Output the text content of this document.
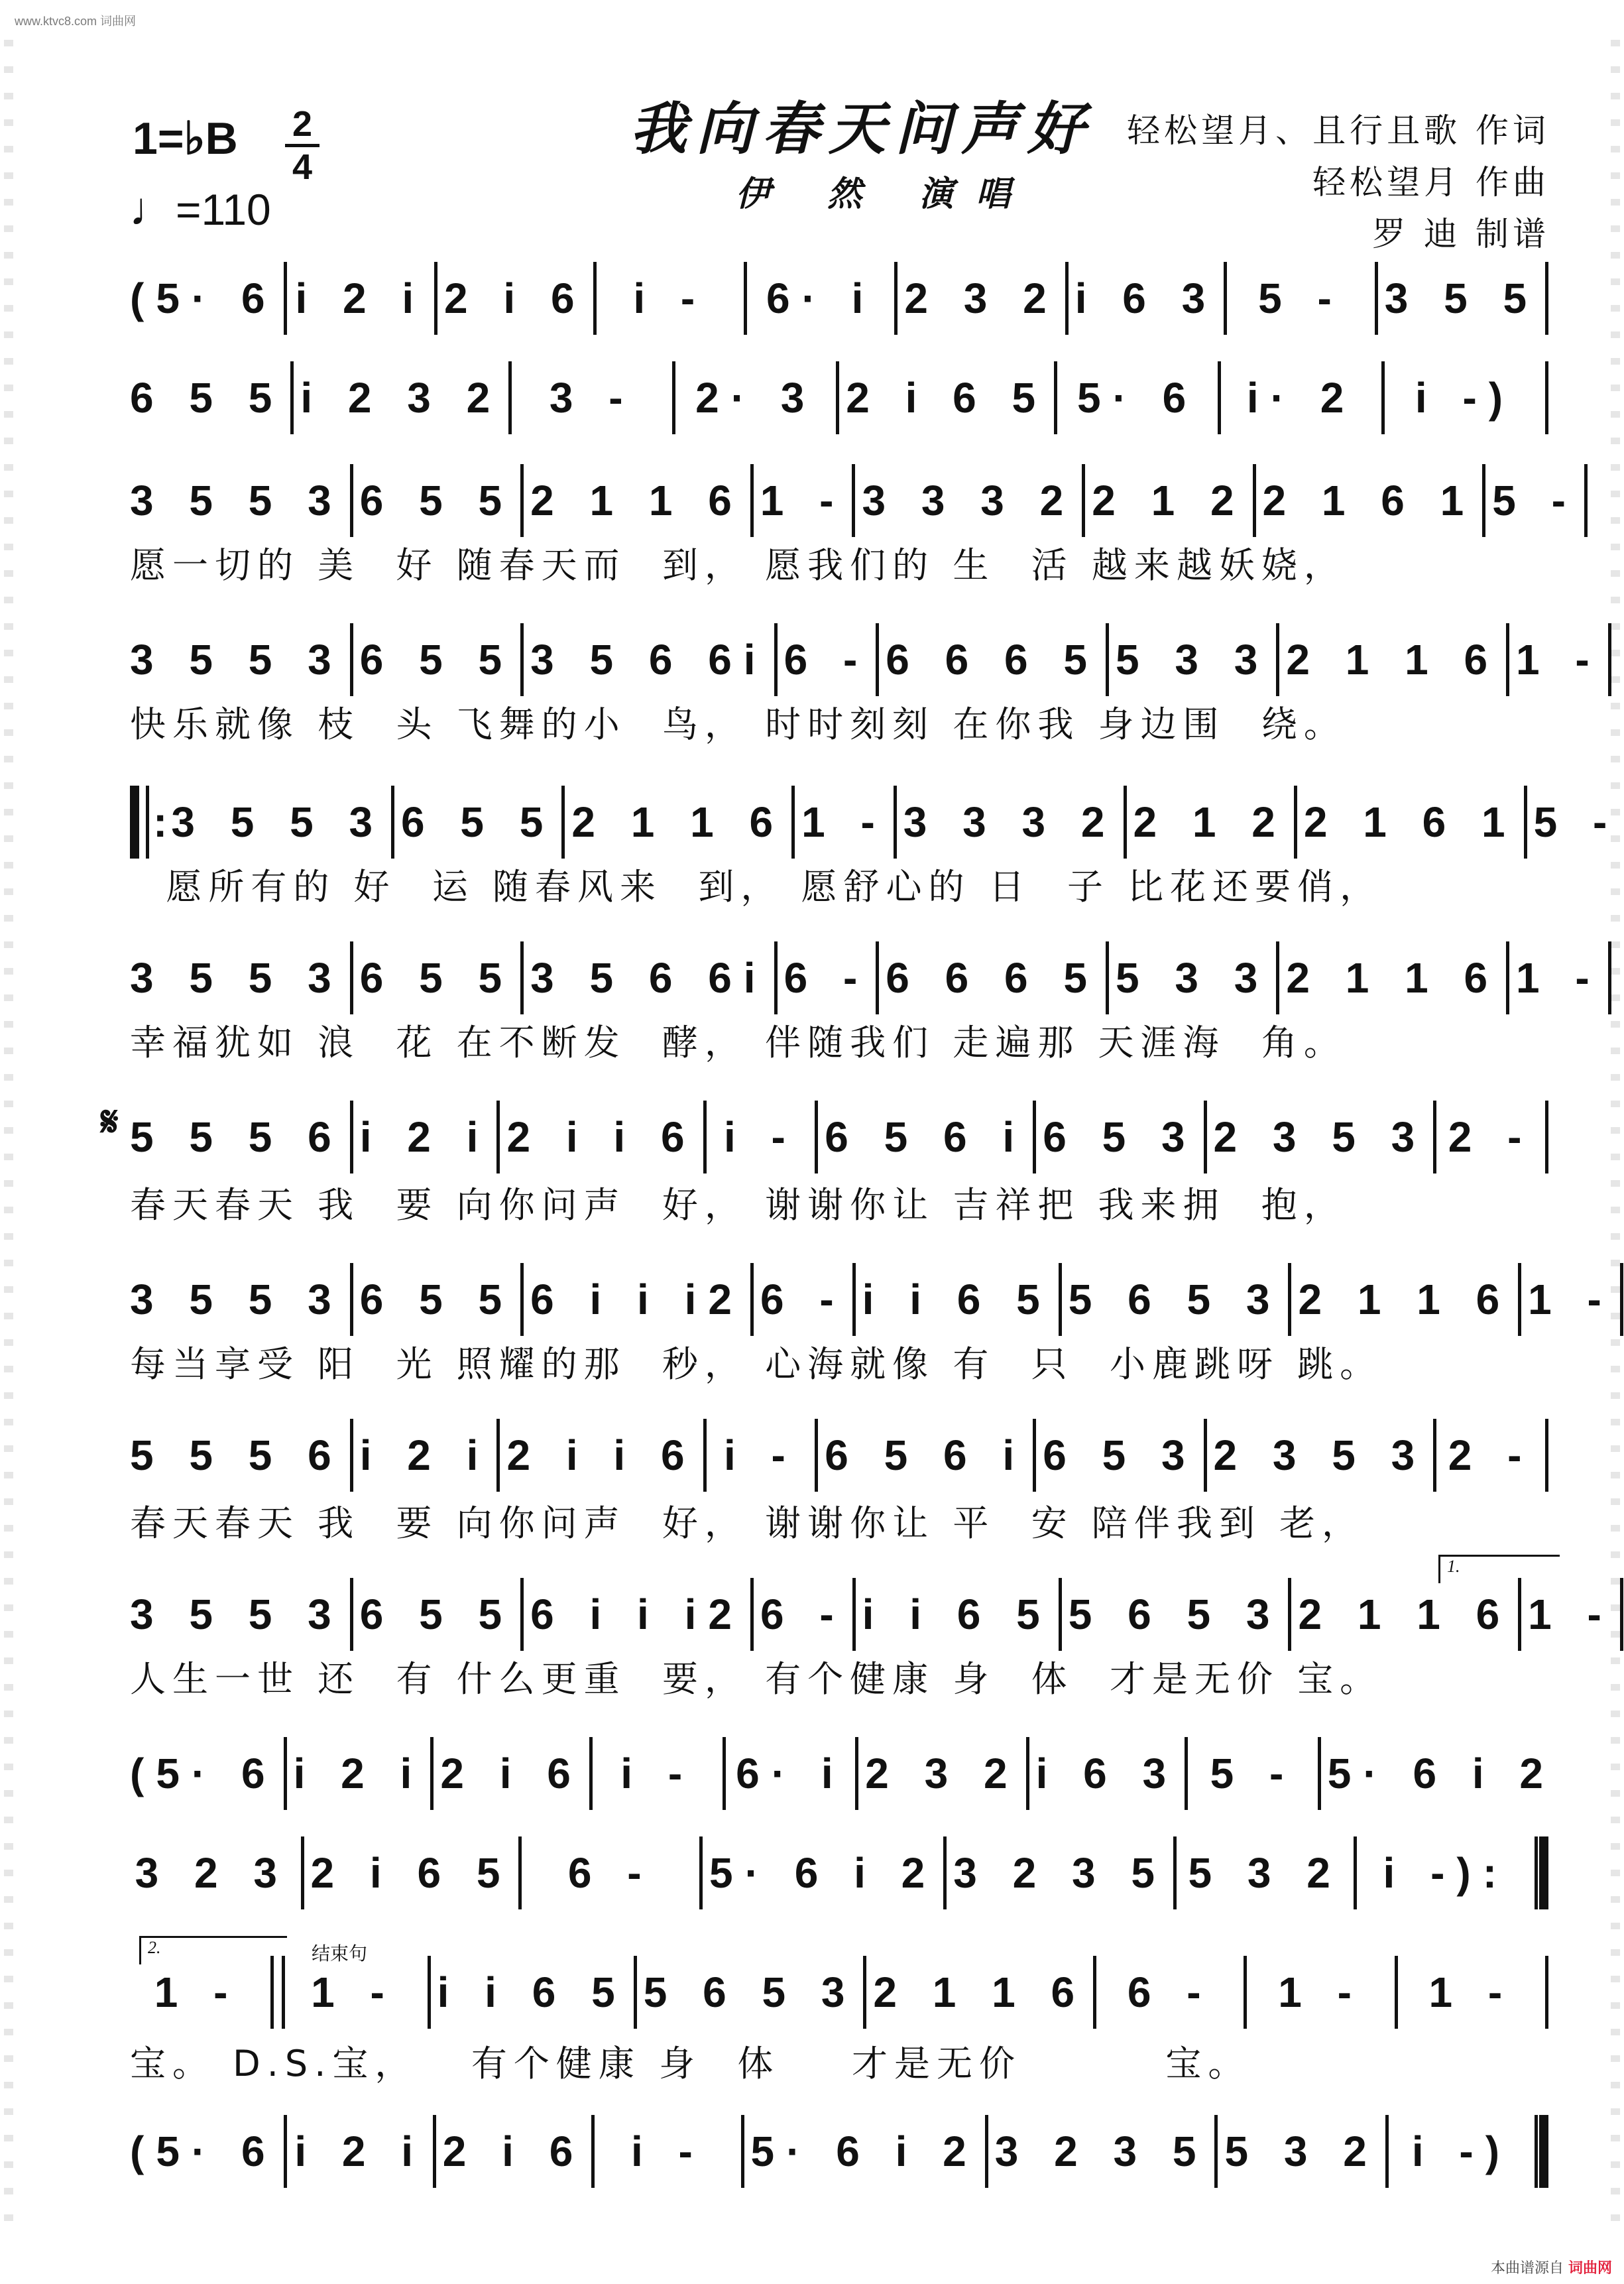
www.ktvc8.com 词曲网
1=♭B 2
4
♩=110
我向春天问声好
伊 然 演唱
轻松望月、且行且歌 作词
轻松望月 作曲
罗 迪 制谱
𝄋
(5· 6 i 2 i 2 i 6	i -	6· i 2 3 2 i 6 3 5 - 3 5 5
6 5 5 i 2 3 2	3 -	2· 3 2 i 6 5 5· 6	i· 2	i -)
3 5 5 3 6 5 5 2 1 1 6 1 - 3 3 3 2 2 1 2 2 1 6 1 5 -
愿一切的 美  好 随春天而  到， 愿我们的 生  活 越来越妖娆，
3 5 5 3 6 5 5 3 5 6 6i 6 - 6 6 6 5 5 3 3 2 1 1 6 1 -
快乐就像 枝  头 飞舞的小  鸟， 时时刻刻 在你我 身边围  绕。
: 3 5 5 3 6 5 5 2 1 1 6 1 - 3 3 3 2 2 1 2 2 1 6 1 5 -
愿所有的 好  运 随春风来  到， 愿舒心的 日  子 比花还要俏，
3 5 5 3 6 5 5 3 5 6 6i 6 - 6 6 6 5 5 3 3 2 1 1 6 1 -
幸福犹如 浪  花 在不断发  酵， 伴随我们 走遍那 天涯海  角。
5 5 5 6 i 2 i 2 i i 6 i - 6 5 6 i 6 5 3 2 3 5 3 2 -
春天春天 我  要 向你问声  好， 谢谢你让 吉祥把 我来拥  抱，
3 5 5 3 6 5 5 6 i i i2 6 - i i 6 5 5 6 5 3 2 1 1 6 1 -
每当享受 阳  光 照耀的那  秒， 心海就像 有  只  小鹿跳呀 跳。
5 5 5 6 i 2 i 2 i i 6 i - 6 5 6 i 6 5 3 2 3 5 3 2 -
春天春天 我  要 向你问声  好， 谢谢你让 平  安 陪伴我到 老，
3 5 5 3 6 5 5 6 i i i2 6 - i i 6 5 5 6 5 3 2 1 1 6 1 -
人生一世 还  有 什么更重  要， 有个健康 身  体  才是无价 宝。
1.
(5· 6 i 2 i 2 i 6 i - 6· i 2 3 2 i 6 3 5 - 5· 6 i 2
3 2 3 2 i 6 5	6 -	5· 6 i 2 3 2 3 5 5 3 2 i -):
1 -	1 - i i 6 5 5 6 5 3 2 1 1 6 6 -	1 -	1 -
宝。 D.S.宝，   有个健康 身  体    才是无价        宝。
2.	结束句
(5· 6 i 2 i 2 i 6	i -	5· 6 i 2 3 2 3 5 5 3 2 i -)
本曲谱源自 词曲网
